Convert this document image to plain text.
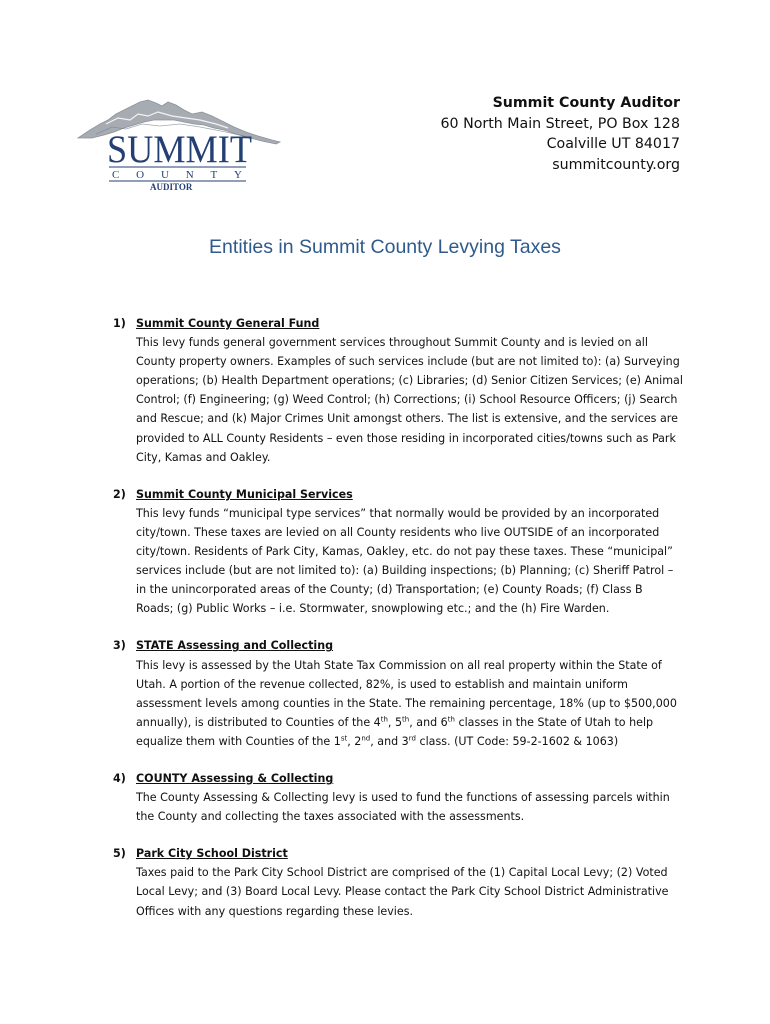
SUMMIT
COUNTY
AUDITOR
Summit County Auditor
60 North Main Street, PO Box 128
Coalville UT 84017
summitcounty.org
Entities in Summit County Levying Taxes
1) Summit County General Fund
This levy funds general government services throughout Summit County and is levied on all County property owners. Examples of such services include (but are not limited to): (a) Surveying operations; (b) Health Department operations; (c) Libraries; (d) Senior Citizen Services; (e) Animal Control; (f) Engineering; (g) Weed Control; (h) Corrections; (i) School Resource Officers; (j) Search and Rescue; and (k) Major Crimes Unit amongst others. The list is extensive, and the services are provided to ALL County Residents – even those residing in incorporated cities/towns such as Park City, Kamas and Oakley.
2) Summit County Municipal Services
This levy funds “municipal type services” that normally would be provided by an incorporated city/town. These taxes are levied on all County residents who live OUTSIDE of an incorporated city/town. Residents of Park City, Kamas, Oakley, etc. do not pay these taxes. These “municipal” services include (but are not limited to): (a) Building inspections; (b) Planning; (c) Sheriff Patrol – in the unincorporated areas of the County; (d) Transportation; (e) County Roads; (f) Class B Roads; (g) Public Works – i.e. Stormwater, snowplowing etc.; and the (h) Fire Warden.
3) STATE Assessing and Collecting
This levy is assessed by the Utah State Tax Commission on all real property within the State of Utah. A portion of the revenue collected, 82%, is used to establish and maintain uniform assessment levels among counties in the State. The remaining percentage, 18% (up to $500,000 annually), is distributed to Counties of the 4th, 5th, and 6th classes in the State of Utah to help equalize them with Counties of the 1st, 2nd, and 3rd class. (UT Code: 59-2-1602 & 1063)
4) COUNTY Assessing & Collecting
The County Assessing & Collecting levy is used to fund the functions of assessing parcels within the County and collecting the taxes associated with the assessments.
5) Park City School District
Taxes paid to the Park City School District are comprised of the (1) Capital Local Levy; (2) Voted Local Levy; and (3) Board Local Levy. Please contact the Park City School District Administrative Offices with any questions regarding these levies.
